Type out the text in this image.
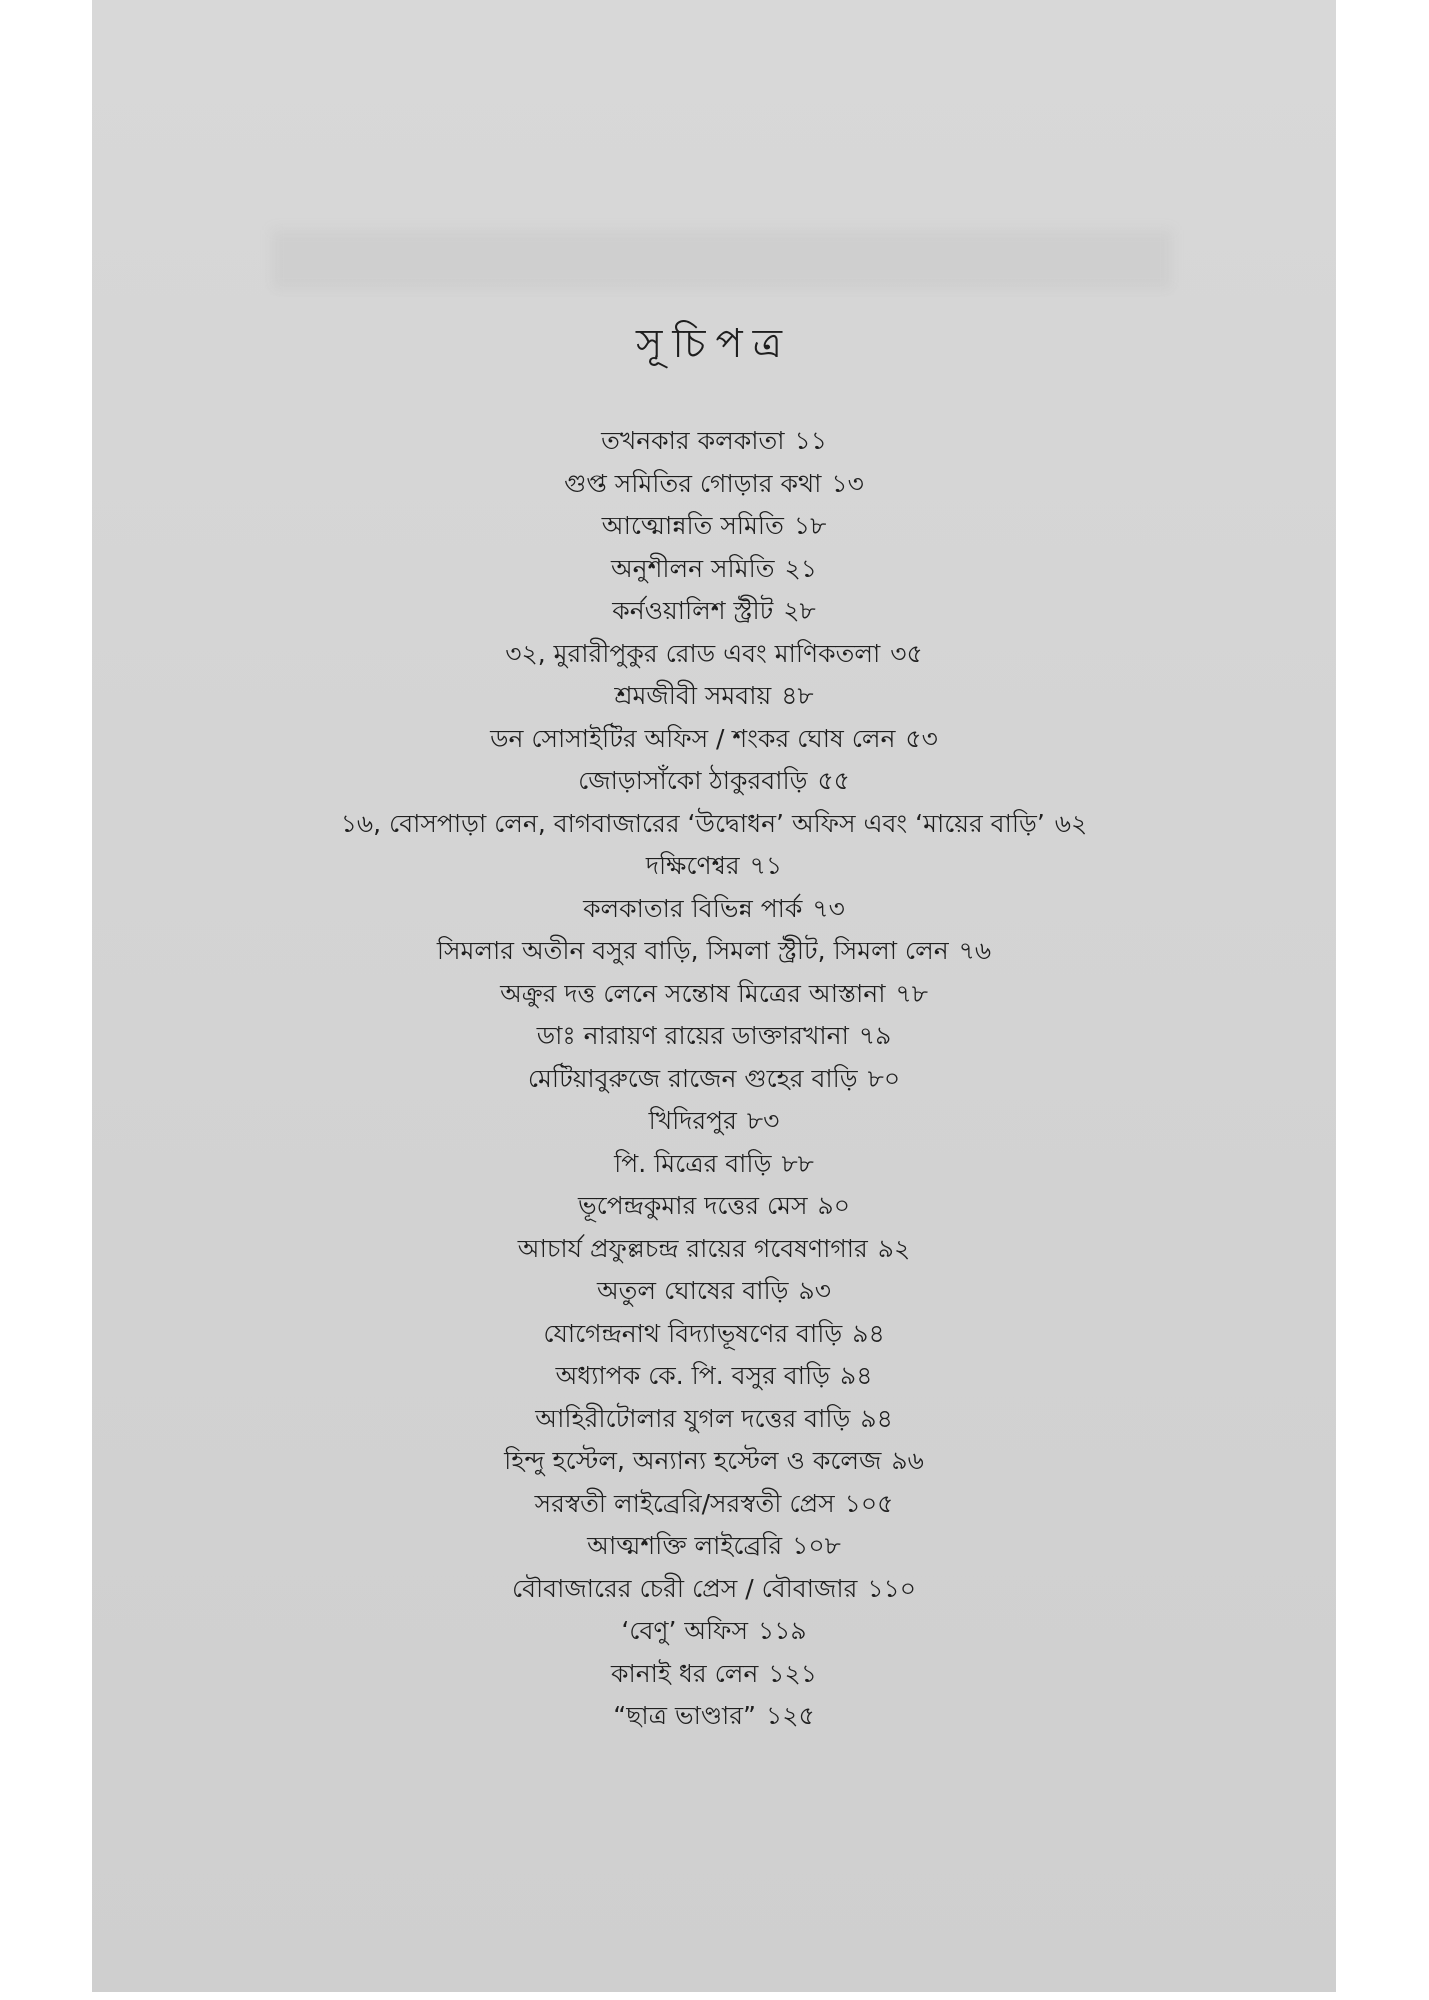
সূচিপত্র
তখনকার কলকাতা ১১
গুপ্ত সমিতির গোড়ার কথা ১৩
আত্মোন্নতি সমিতি ১৮
অনুশীলন সমিতি ২১
কর্নওয়ালিশ স্ট্রীট ২৮
৩২, মুরারীপুকুর রোড এবং মাণিকতলা ৩৫
শ্রমজীবী সমবায় ৪৮
ডন সোসাইটির অফিস / শংকর ঘোষ লেন ৫৩
জোড়াসাঁকো ঠাকুরবাড়ি ৫৫
১৬, বোসপাড়া লেন, বাগবাজারের ‘উদ্বোধন’ অফিস এবং ‘মায়ের বাড়ি’ ৬২
দক্ষিণেশ্বর ৭১
কলকাতার বিভিন্ন পার্ক ৭৩
সিমলার অতীন বসুর বাড়ি, সিমলা স্ট্রীট, সিমলা লেন ৭৬
অক্রুর দত্ত লেনে সন্তোষ মিত্রের আস্তানা ৭৮
ডাঃ নারায়ণ রায়ের ডাক্তারখানা ৭৯
মেটিয়াবুরুজে রাজেন গুহের বাড়ি ৮০
খিদিরপুর ৮৩
পি. মিত্রের বাড়ি ৮৮
ভূপেন্দ্রকুমার দত্তের মেস ৯০
আচার্য প্রফুল্লচন্দ্র রায়ের গবেষণাগার ৯২
অতুল ঘোষের বাড়ি ৯৩
যোগেন্দ্রনাথ বিদ্যাভূষণের বাড়ি ৯৪
অধ্যাপক কে. পি. বসুর বাড়ি ৯৪
আহিরীটোলার যুগল দত্তের বাড়ি ৯৪
হিন্দু হস্টেল, অন্যান্য হস্টেল ও কলেজ ৯৬
সরস্বতী লাইব্রেরি/সরস্বতী প্রেস ১০৫
আত্মশক্তি লাইব্রেরি ১০৮
বৌবাজারের চেরী প্রেস / বৌবাজার ১১০
‘বেণু’ অফিস ১১৯
কানাই ধর লেন ১২১
“ছাত্র ভাণ্ডার” ১২৫
